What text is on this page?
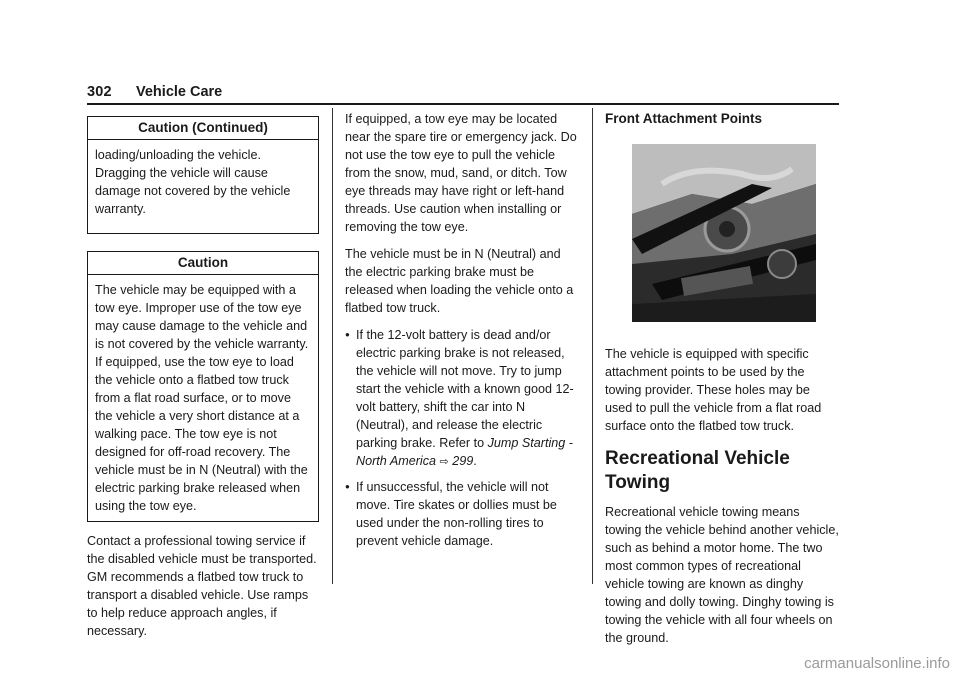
302 Vehicle Care
Caution (Continued)

loading/unloading the vehicle. Dragging the vehicle will cause damage not covered by the vehicle warranty.

Caution

The vehicle may be equipped with a tow eye. Improper use of the tow eye may cause damage to the vehicle and is not covered by the vehicle warranty.

If equipped, use the tow eye to load the vehicle onto a flatbed tow truck from a flat road surface, or to move the vehicle a very short distance at a walking pace. The tow eye is not designed for off-road recovery. The vehicle must be in N (Neutral) with the electric parking brake released when using the tow eye.

Contact a professional towing service if the disabled vehicle must be transported. GM recommends a flatbed tow truck to transport a disabled vehicle. Use ramps to help reduce approach angles, if necessary.

If equipped, a tow eye may be located near the spare tire or emergency jack. Do not use the tow eye to pull the vehicle from the snow, mud, sand, or ditch. Tow eye threads may have right or left-hand threads. Use caution when installing or removing the tow eye.

The vehicle must be in N (Neutral) and the electric parking brake must be released when loading the vehicle onto a flatbed tow truck.

● If the 12-volt battery is dead and/or electric parking brake is not released, the vehicle will not move. Try to jump start the vehicle with a known good 12-volt battery, shift the car into N (Neutral), and release the electric parking brake. Refer to Jump Starting - North America ⇨ 299.
● If unsuccessful, the vehicle will not move. Tire skates or dollies must be used under the non-rolling tires to prevent vehicle damage.
Front Attachment Points

The vehicle is equipped with specific attachment points to be used by the towing provider. These holes may be used to pull the vehicle from a flat road surface onto the flatbed tow truck.

Recreational Vehicle Towing

Recreational vehicle towing means towing the vehicle behind another vehicle, such as behind a motor home. The two most common types of recreational vehicle towing are known as dinghy towing and dolly towing. Dinghy towing is towing the vehicle with all four wheels on the ground.

carmanualsonline.info
